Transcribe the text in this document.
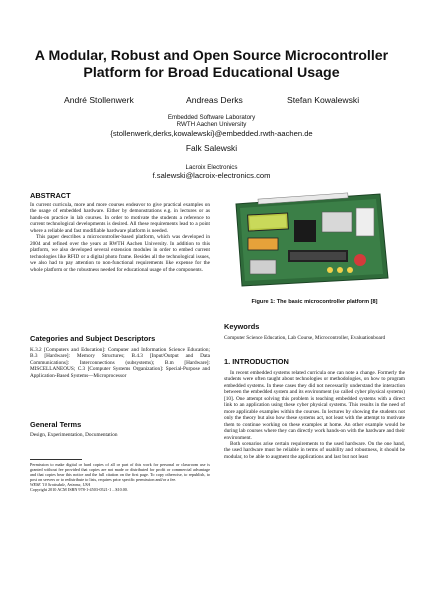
A Modular, Robust and Open Source Microcontroller
Platform for Broad Educational Usage
André Stollenwerk	Andreas Derks	Stefan Kowalewski
Embedded Software Laboratory
RWTH Aachen University
{stollenwerk,derks,kowalewski}@embedded.rwth-aachen.de
Falk Salewski
Lacroix Electronics
f.salewski@lacroix-electronics.com
ABSTRACT

In current curricula, more and more courses endeavor to give practical examples on the usage of embedded hardware. Either by demonstrations e.g. in lectures or as hands-on practice in lab courses. In order to motivate the students a reference to current technological developments is desired. All these requirements lead to a point where a reliable and fast modifiable hardware platform is needed.

This paper describes a microcontroller-based platform, which was developed in 2004 and refined over the years at RWTH Aachen University. In addition to this platform, we also developed several extension modules in order to embed current technologies like RFID or a digital photo frame. Besides all the technological issues, we also had to pay attention to non-functional requirements like expense for the whole platform or the robustness needed for educational usage of the components.

Categories and Subject Descriptors

K.3.2 [Computers and Education]: Computer and Information Science Education; B.3 [Hardware]: Memory Structures; B.4.3 [Input/Output and Data Communications]: Interconnections (subsystems); B.m [Hardware]: MISCELLANEOUS; C.3 [Computer Systems Organization]: Special-Purpose and Application-Based Systems—Microprocessor

General Terms

Design, Experimentation, Documentation

Permission to make digital or hard copies of all or part of this work for personal or classroom use is granted without fee provided that copies are not made or distributed for profit or commercial advantage and that copies bear this notice and the full citation on the first page. To copy otherwise, to republish, to post on servers or to redistribute to lists, requires prior specific permission and/or a fee.

WESE '10 Scottsdale, Arizona, USA

Copyright 2010 ACM ISBN 978-1-4503-0521-1 ...$10.00.

Figure 1: The basic microcontroller platform [8]
Keywords

Computer Science Education, Lab Course, Microcontroller, Evaluationboard

1. INTRODUCTION

In recent embedded systems related curricula one can note a change. Formerly the students were often taught about technologies or methodologies, on how to program embedded systems. In these cases they did not necessarily understand the interaction between the embedded system and its environment (so called cyber physical systems) [10]. One attempt solving this problem is teaching embedded systems with a direct link to an application using these cyber physical systems. This results in the need of more applicable examples within the courses. In lectures by showing the students not only the theory but also how these systems act, not least with the attempt to motivate them to continue working on these examples at home. An other example would be during lab courses where they can directly work hands-on with the hardware and their environment.

Both scenarios arise certain requirements to the used hardware. On the one hand, the used hardware must be reliable in terms of usability and robustness, it should be modular, to be able to augment the applications and last but not least
